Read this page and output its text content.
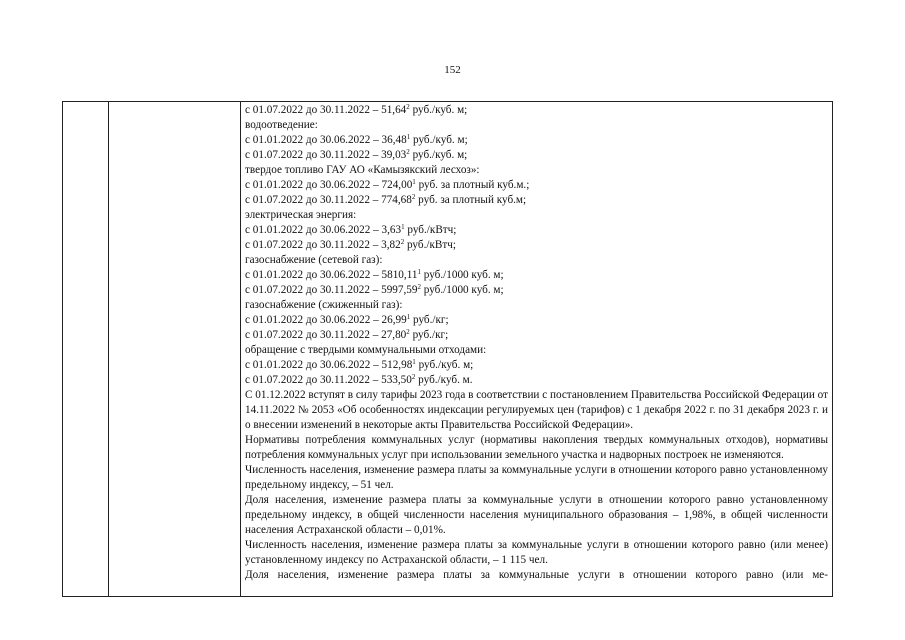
152
с 01.07.2022 до 30.11.2022 – 51,64$^2$ руб./куб. м;
водоотведение:
с 01.01.2022 до 30.06.2022 – 36,48$^1$ руб./куб. м;
с 01.07.2022 до 30.11.2022 – 39,03$^2$ руб./куб. м;
твердое топливо ГАУ АО «Камызякский лесхоз»:
с 01.01.2022 до 30.06.2022 – 724,00$^1$ руб. за плотный куб.м.;
с 01.07.2022 до 30.11.2022 – 774,68$^2$ руб. за плотный куб.м;
электрическая энергия:
с 01.01.2022 до 30.06.2022 – 3,63$^1$ руб./кВтч;
с 01.07.2022 до 30.11.2022 – 3,82$^2$ руб./кВтч;
газоснабжение (сетевой газ):
с 01.01.2022 до 30.06.2022 – 5810,11$^1$ руб./1000 куб. м;
с 01.07.2022 до 30.11.2022 – 5997,59$^2$ руб./1000 куб. м;
газоснабжение (сжиженный газ):
с 01.01.2022 до 30.06.2022 – 26,99$^1$ руб./кг;
с 01.07.2022 до 30.11.2022 – 27,80$^2$ руб./кг;
обращение с твердыми коммунальными отходами:
с 01.01.2022 до 30.06.2022 – 512,98$^1$ руб./куб. м;
с 01.07.2022 до 30.11.2022 – 533,50$^2$ руб./куб. м.
С 01.12.2022 вступят в силу тарифы 2023 года в соответствии с постановлением Правительства Российской Федерации от 14.11.2022 № 2053 «Об особенностях индексации регулируемых цен (тарифов) с 1 декабря 2022 г. по 31 декабря 2023 г. и о внесении изменений в некоторые акты Правительства Российской Федерации».
Нормативы потребления коммунальных услуг (нормативы накопления твердых коммунальных отходов), нормативы потребления коммунальных услуг при использовании земельного участка и надворных построек не изменяются.
Численность населения, изменение размера платы за коммунальные услуги в отношении которого равно установленному предельному индексу, – 51 чел.
Доля населения, изменение размера платы за коммунальные услуги в отношении которого равно установленному предельному индексу, в общей численности населения муниципального образования – 1,98%, в общей численности населения Астраханской области – 0,01%.
Численность населения, изменение размера платы за коммунальные услуги в отношении которого равно (или менее) установленному индексу по Астраханской области, – 1 115 чел.
Доля населения, изменение размера платы за коммунальные услуги в отношении которого равно (или ме-
